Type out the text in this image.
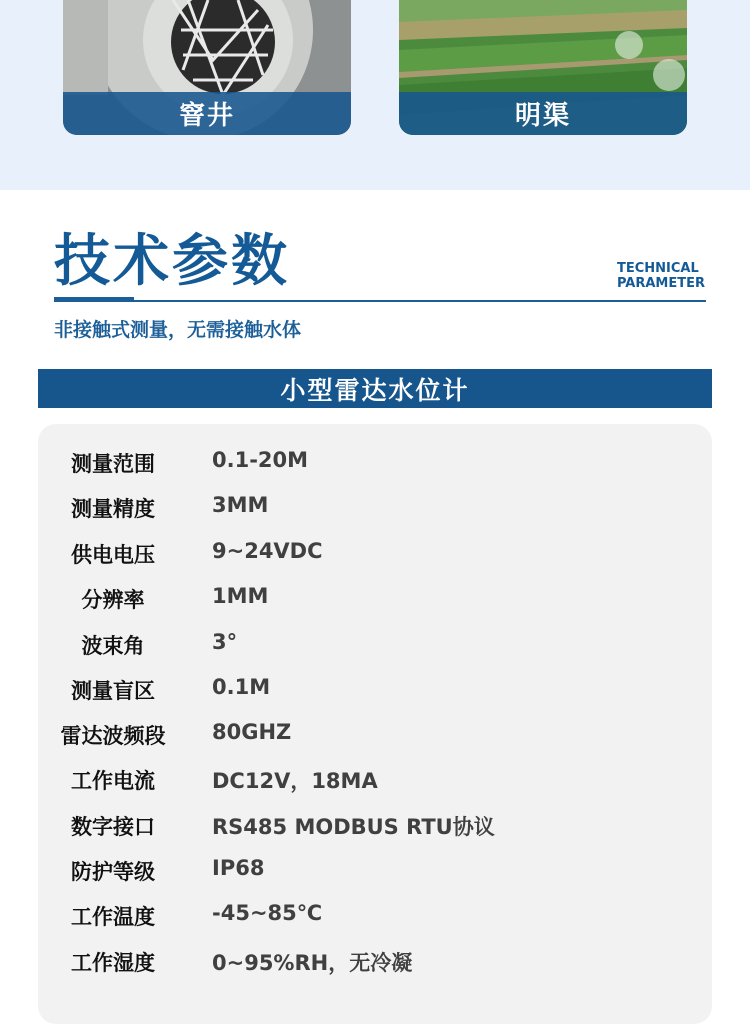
窨井	明渠
技术参数	TECHNICAL
PARAMETER
非接触式测量，无需接触水体
小型雷达水位计
测量范围	0.1-20M
测量精度	3MM
供电电压	9~24VDC
分辨率	1MM
波束角	3°
测量盲区	0.1M
雷达波频段	80GHZ
工作电流	DC12V，18MA
数字接口	RS485 MODBUS RTU协议
防护等级	IP68
工作温度	-45~85℃
工作湿度	0~95%RH，无冷凝
